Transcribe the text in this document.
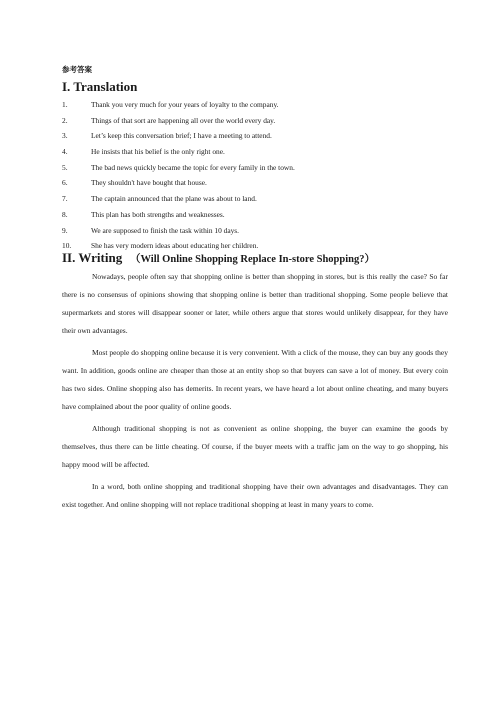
参考答案
I. Translation
1.	Thank you very much for your years of loyalty to the company.
2.	Things of that sort are happening all over the world every day.
3.	Let’s keep this conversation brief; I have a meeting to attend.
4.	He insists that his belief is the only right one.
5.	The bad news quickly became the topic for every family in the town.
6.	They shouldn't have bought that house.
7.	The captain announced that the plane was about to land.
8.	This plan has both strengths and weaknesses.
9.	We are supposed to finish the task within 10 days.
10.	She has very modern ideas about educating her children.
II. Writing （Will Online Shopping Replace In-store Shopping?）

Nowadays, people often say that shopping online is better than shopping in stores, but is this really the case? So far there is no consensus of opinions showing that shopping online is better than traditional shopping. Some people believe that supermarkets and stores will disappear sooner or later, while others argue that stores would unlikely disappear, for they have their own advantages.

Most people do shopping online because it is very convenient. With a click of the mouse, they can buy any goods they want. In addition, goods online are cheaper than those at an entity shop so that buyers can save a lot of money. But every coin has two sides. Online shopping also has demerits. In recent years, we have heard a lot about online cheating, and many buyers have complained about the poor quality of online goods.

Although traditional shopping is not as convenient as online shopping, the buyer can examine the goods by themselves, thus there can be little cheating. Of course, if the buyer meets with a traffic jam on the way to go shopping, his happy mood will be affected.

In a word, both online shopping and traditional shopping have their own advantages and disadvantages. They can exist together. And online shopping will not replace traditional shopping at least in many years to come.
